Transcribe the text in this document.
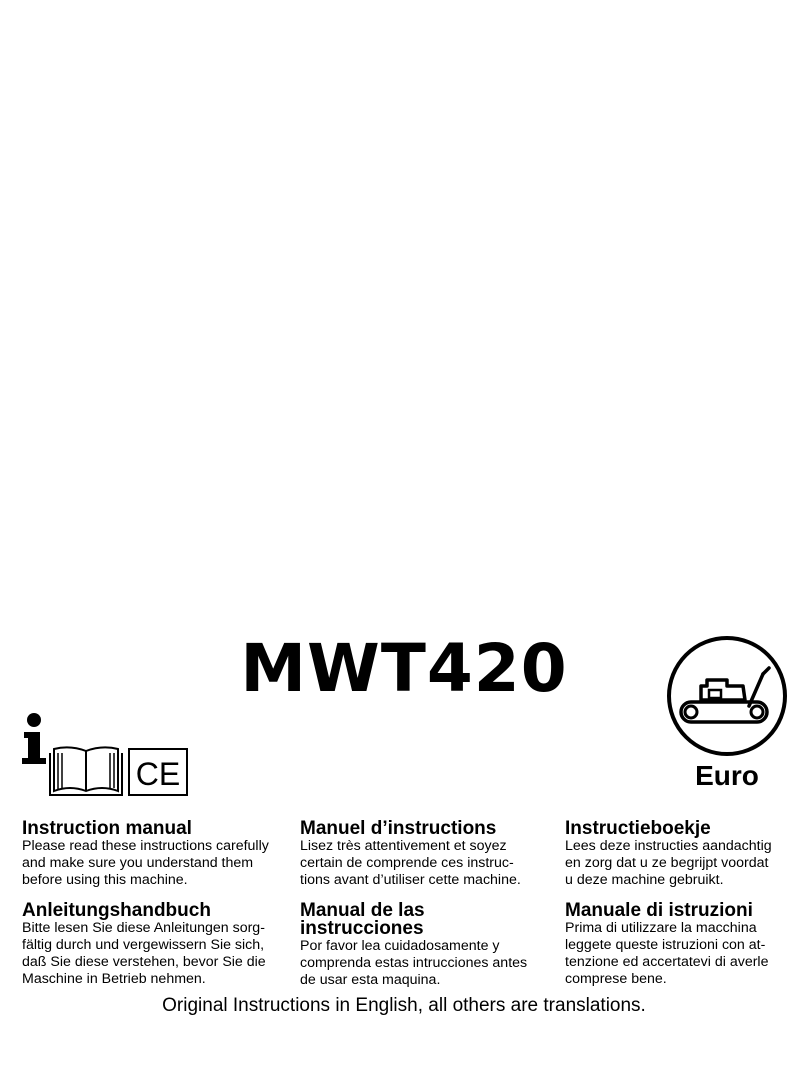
MWT420
Euro
CE
Instruction manual

Please read these instructions carefully
and make sure you understand them
before using this machine.

Manuel d’instructions

Lisez très attentivement et soyez
certain de comprende ces instruc-
tions avant d’utiliser cette machine.

Instructieboekje

Lees deze instructies aandachtig
en zorg dat u ze begrijpt voordat
u deze machine gebruikt.

Anleitungshandbuch

Bitte lesen Sie diese Anleitungen sorg-
fältig durch und vergewissern Sie sich,
daß Sie diese verstehen, bevor Sie die
Maschine in Betrieb nehmen.

Manual de las
instrucciones

Por favor lea cuidadosamente y
comprenda estas intrucciones antes
de usar esta maquina.

Manuale di istruzioni

Prima di utilizzare la macchina
leggete queste istruzioni con at-
tenzione ed accertatevi di averle
comprese bene.

Original Instructions in English, all others are translations.
